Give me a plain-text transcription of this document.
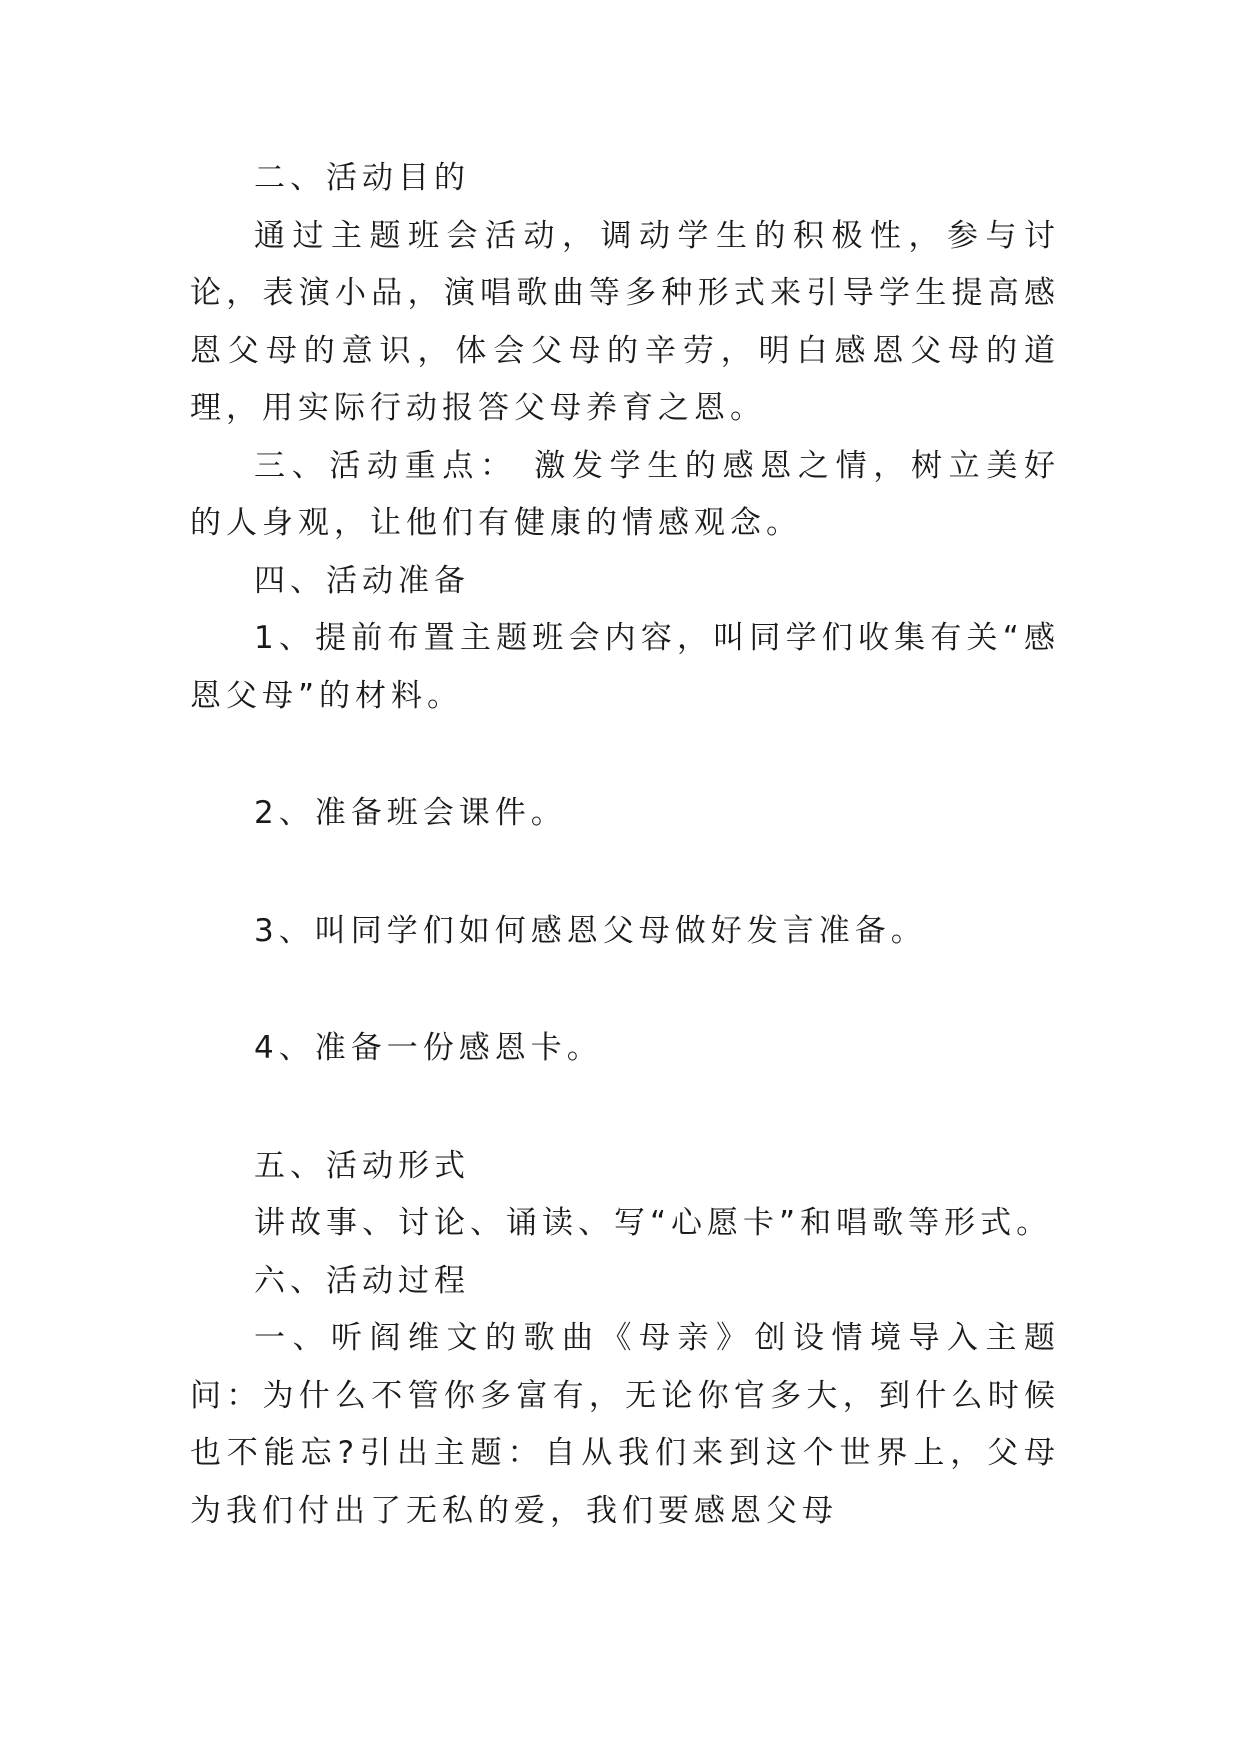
二、活动目的

通过主题班会活动，调动学生的积极性，参与讨论，表演小品，演唱歌曲等多种形式来引导学生提高感恩父母的意识，体会父母的辛劳，明白感恩父母的道理，用实际行动报答父母养育之恩。

三、活动重点： 激发学生的感恩之情，树立美好的人身观，让他们有健康的情感观念。

四、活动准备

1、提前布置主题班会内容，叫同学们收集有关“感恩父母”的材料。

2、准备班会课件。

3、叫同学们如何感恩父母做好发言准备。

4、准备一份感恩卡。

五、活动形式

讲故事、讨论、诵读、写“心愿卡”和唱歌等形式。

六、活动过程

一、听阎维文的歌曲《母亲》创设情境导入主题问：为什么不管你多富有，无论你官多大，到什么时候也不能忘?引出主题：自从我们来到这个世界上，父母为我们付出了无私的爱，我们要感恩父母
